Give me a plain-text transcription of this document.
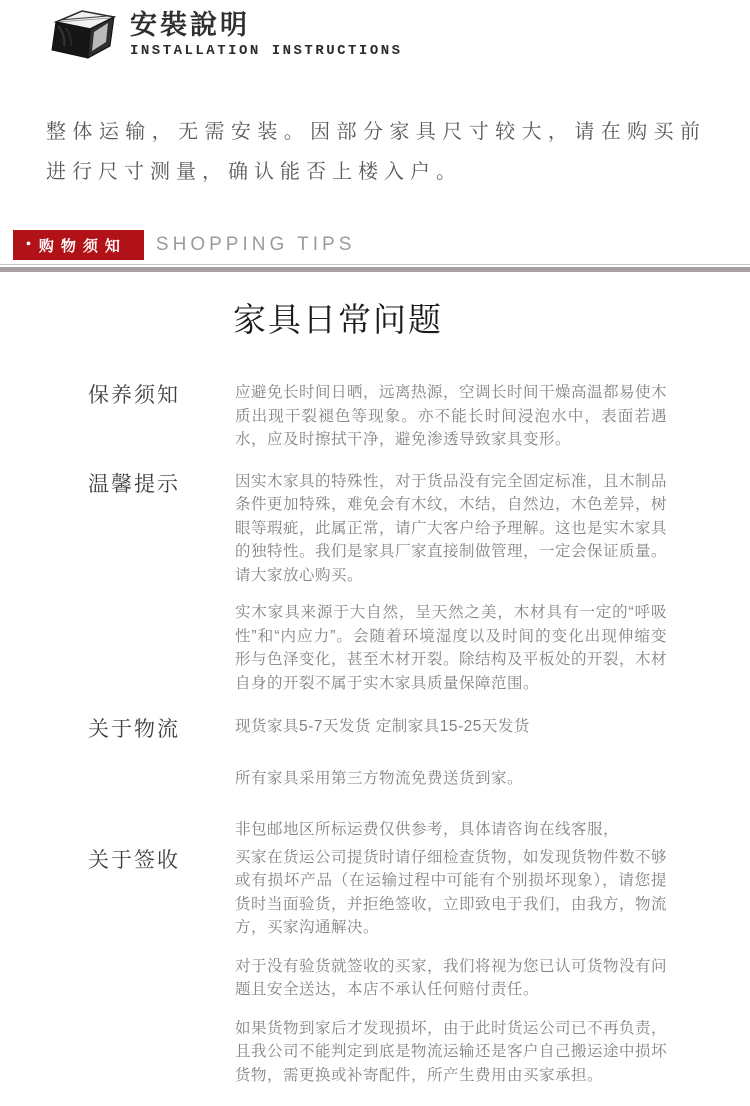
安裝說明
INSTALLATION INSTRUCTIONS

整体运输，无需安装。因部分家具尺寸较大，请在购买前进行尺寸测量，确认能否上楼入户。

• 购物须知 SHOPPING TIPS
家具日常问题
保养须知	应避免长时间日晒，远离热源，空调长时间干燥高温都易使木质出现干裂褪色等现象。亦不能长时间浸泡水中，表面若遇水，应及时擦拭干净，避免渗透导致家具变形。

温馨提示	因实木家具的特殊性，对于货品没有完全固定标准，且木制品条件更加特殊，难免会有木纹，木结，自然边，木色差异，树眼等瑕疵，此属正常，请广大客户给予理解。这也是实木家具的独特性。我们是家具厂家直接制做管理，一定会保证质量。请大家放心购买。

实木家具来源于大自然，呈天然之美，木材具有一定的“呼吸性”和“内应力”。会随着环境湿度以及时间的变化出现伸缩变形与色泽变化，甚至木材开裂。除结构及平板处的开裂，木材自身的开裂不属于实木家具质量保障范围。

关于物流	现货家具5-7天发货 定制家具15-25天发货

所有家具采用第三方物流免费送货到家。

非包邮地区所标运费仅供参考，具体请咨询在线客服，

关于签收	买家在货运公司提货时请仔细检查货物，如发现货物件数不够或有损坏产品（在运输过程中可能有个别损坏现象），请您提货时当面验货，并拒绝签收，立即致电于我们，由我方，物流方，买家沟通解决。

对于没有验货就签收的买家，我们将视为您已认可货物没有问题且安全送达，本店不承认任何赔付责任。

如果货物到家后才发现损坏，由于此时货运公司已不再负责，且我公司不能判定到底是物流运输还是客户自己搬运途中损坏货物，需更换或补寄配件，所产生费用由买家承担。
